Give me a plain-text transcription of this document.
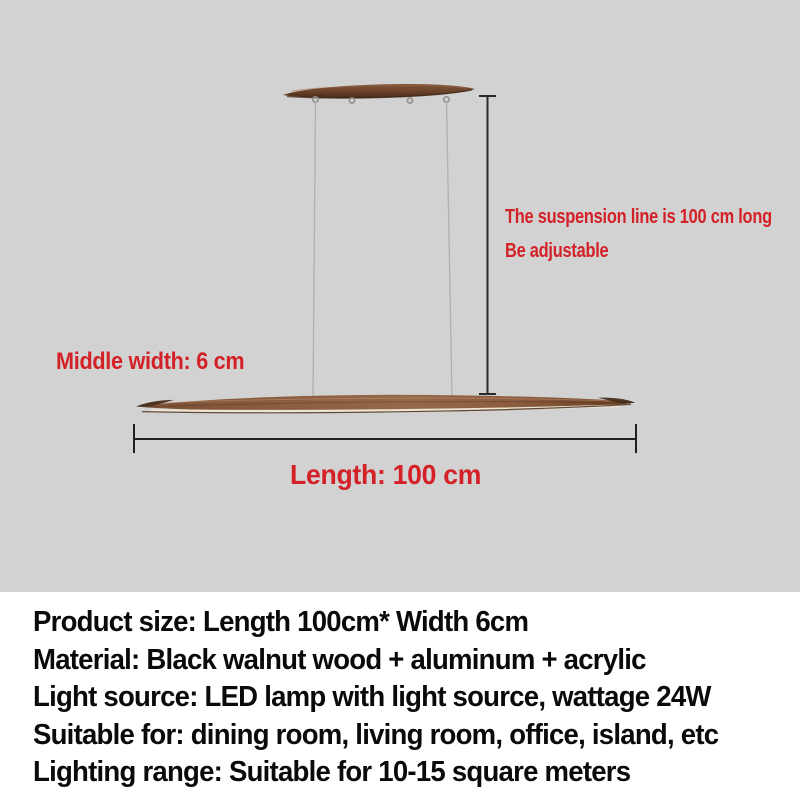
The suspension line is 100 cm long
Be adjustable
Middle width: 6 cm
Length: 100 cm
Product size: Length 100cm* Width 6cm
Material: Black walnut wood + aluminum + acrylic
Light source: LED lamp with light source, wattage 24W
Suitable for: dining room, living room, office, island, etc
Lighting range: Suitable for 10-15 square meters
